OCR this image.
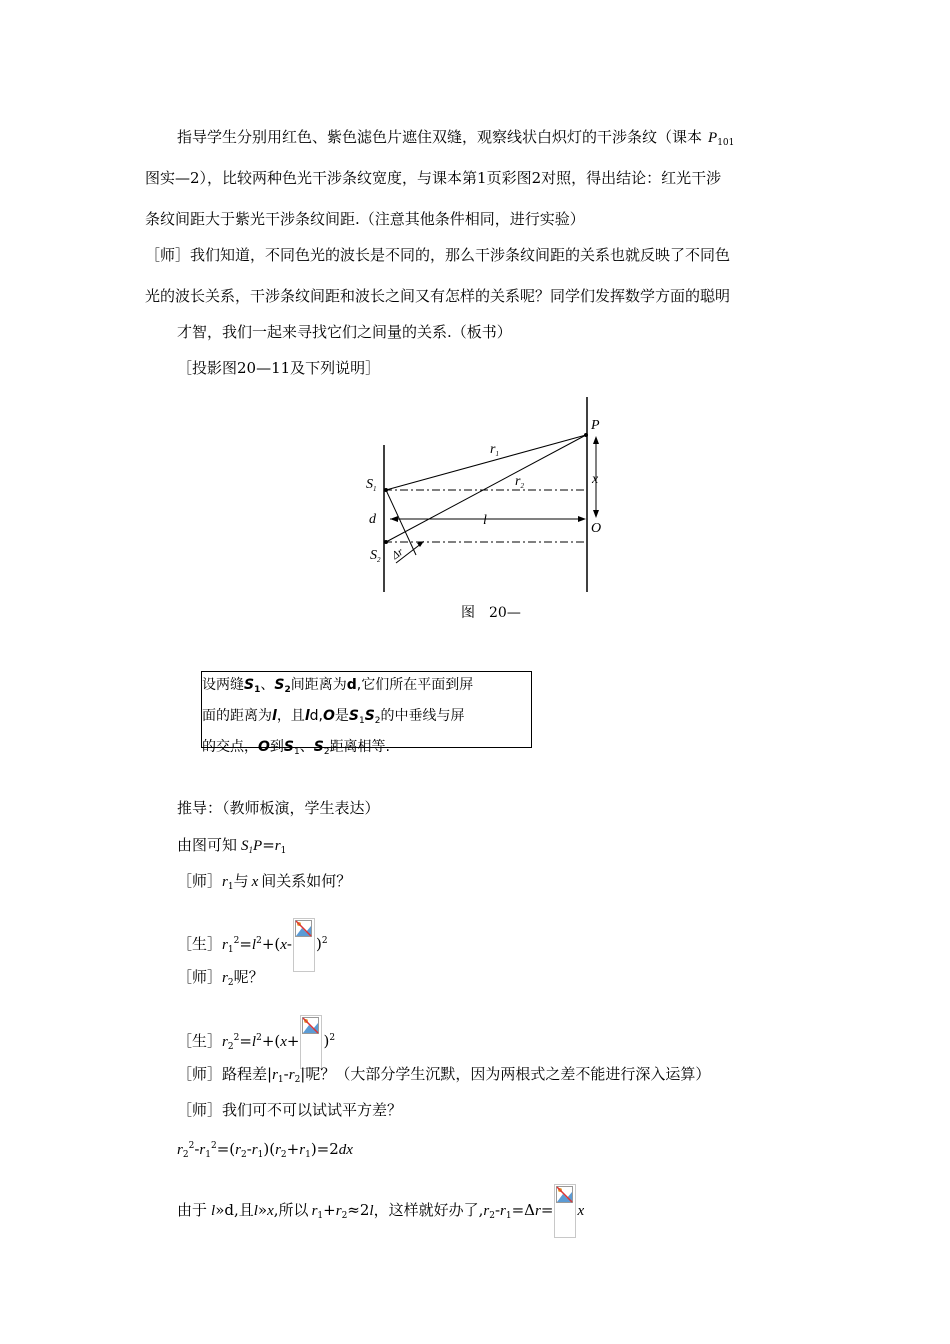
指导学生分别用红色、紫色滤色片遮住双缝，观察线状白炽灯的干涉条纹（课本 $P_{101}$
图实—2），比较两种色光干涉条纹宽度，与课本第1页彩图2对照，得出结论：红光干涉
条纹间距大于紫光干涉条纹间距.（注意其他条件相同，进行实验）
［师］我们知道，不同色光的波长是不同的，那么干涉条纹间距的关系也就反映了不同色
光的波长关系，干涉条纹间距和波长之间又有怎样的关系呢？同学们发挥数学方面的聪明
才智，我们一起来寻找它们之间量的关系.（板书）
［投影图20—11及下列说明］
P
$r_1$
$r_2$	x
$S_1$
d	l
O
$S_2$ Δr
图　20—
设两缝$S_1$、$S_2$间距离为d,它们所在平面到屏
面的距离为l，且ld,O是$S_1S_2$的中垂线与屏
的交点，O到$S_1$、$S_2$距离相等.
推导：（教师板演，学生表达）
由图可知 $S_1P=r_1$
［师$]r_1$与 x 间关系如何？
［生$]r_1^2=l^2+(x-$ )$^2$
［师$]r_2$呢？
［生$]r_2^2=l^2+(x+ )^2$
［师］路程差$|r_1-r_2|$呢？（大部分学生沉默，因为两根式之差不能进行深入运算）
［师］我们可不可以试试平方差？
$r_2^2-r_1^2=(r_2-r_1)(r_2+r_1)=2dx$
由于 l»d,且l»x,所以 $r_1+r_2\approx 2l$，这样就好办了$,r_2-r_1=\Delta r= x$
